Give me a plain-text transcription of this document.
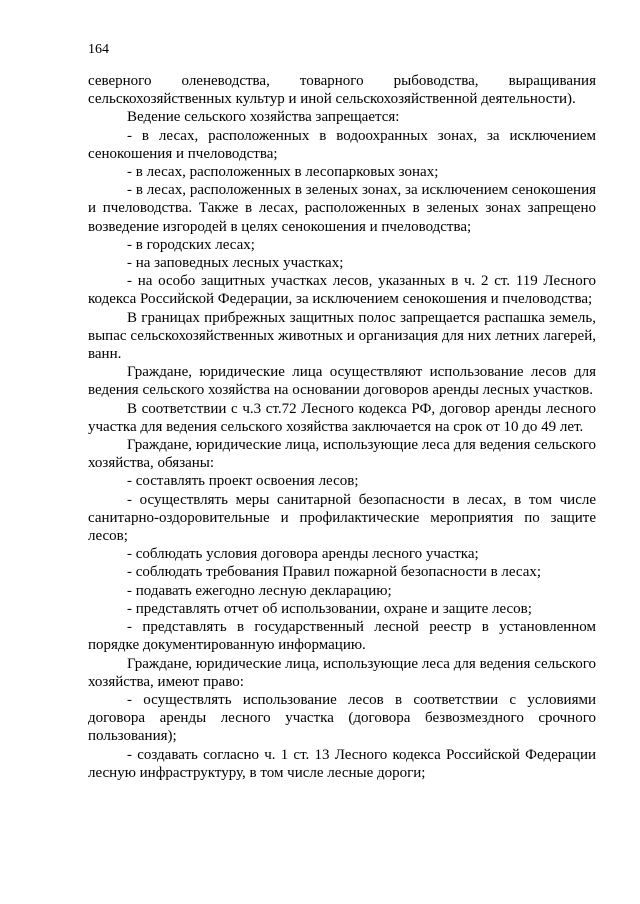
164

северного оленеводства, товарного рыбоводства, выращивания сельскохозяйственных культур и иной сельскохозяйственной деятельности).

Ведение сельского хозяйства запрещается:

- в лесах, расположенных в водоохранных зонах, за исключением сенокошения и пчеловодства;

- в лесах, расположенных в лесопарковых зонах;

- в лесах, расположенных в зеленых зонах, за исключением сенокошения и пчеловодства. Также в лесах, расположенных в зеленых зонах запрещено возведение изгородей в целях сенокошения и пчеловодства;

- в городских лесах;

- на заповедных лесных участках;

- на особо защитных участках лесов, указанных в ч. 2 ст. 119 Лесного кодекса Российской Федерации, за исключением сенокошения и пчеловодства;

В границах прибрежных защитных полос запрещается распашка земель, выпас сельскохозяйственных животных и организация для них летних лагерей, ванн.

Граждане, юридические лица осуществляют использование лесов для ведения сельского хозяйства на основании договоров аренды лесных участков.

В соответствии с ч.3 ст.72 Лесного кодекса РФ, договор аренды лесного участка для ведения сельского хозяйства заключается на срок от 10 до 49 лет.

Граждане, юридические лица, использующие леса для ведения сельского хозяйства, обязаны:

- составлять проект освоения лесов;

- осуществлять меры санитарной безопасности в лесах, в том числе санитарно-оздоровительные и профилактические мероприятия по защите лесов;

- соблюдать условия договора аренды лесного участка;

- соблюдать требования Правил пожарной безопасности в лесах;

- подавать ежегодно лесную декларацию;

- представлять отчет об использовании, охране и защите лесов;

- представлять в государственный лесной реестр в установленном порядке документированную информацию.

Граждане, юридические лица, использующие леса для ведения сельского хозяйства, имеют право:

- осуществлять использование лесов в соответствии с условиями договора аренды лесного участка (договора безвозмездного срочного пользования);

- создавать согласно ч. 1 ст. 13 Лесного кодекса Российской Федерации лесную инфраструктуру, в том числе лесные дороги;
